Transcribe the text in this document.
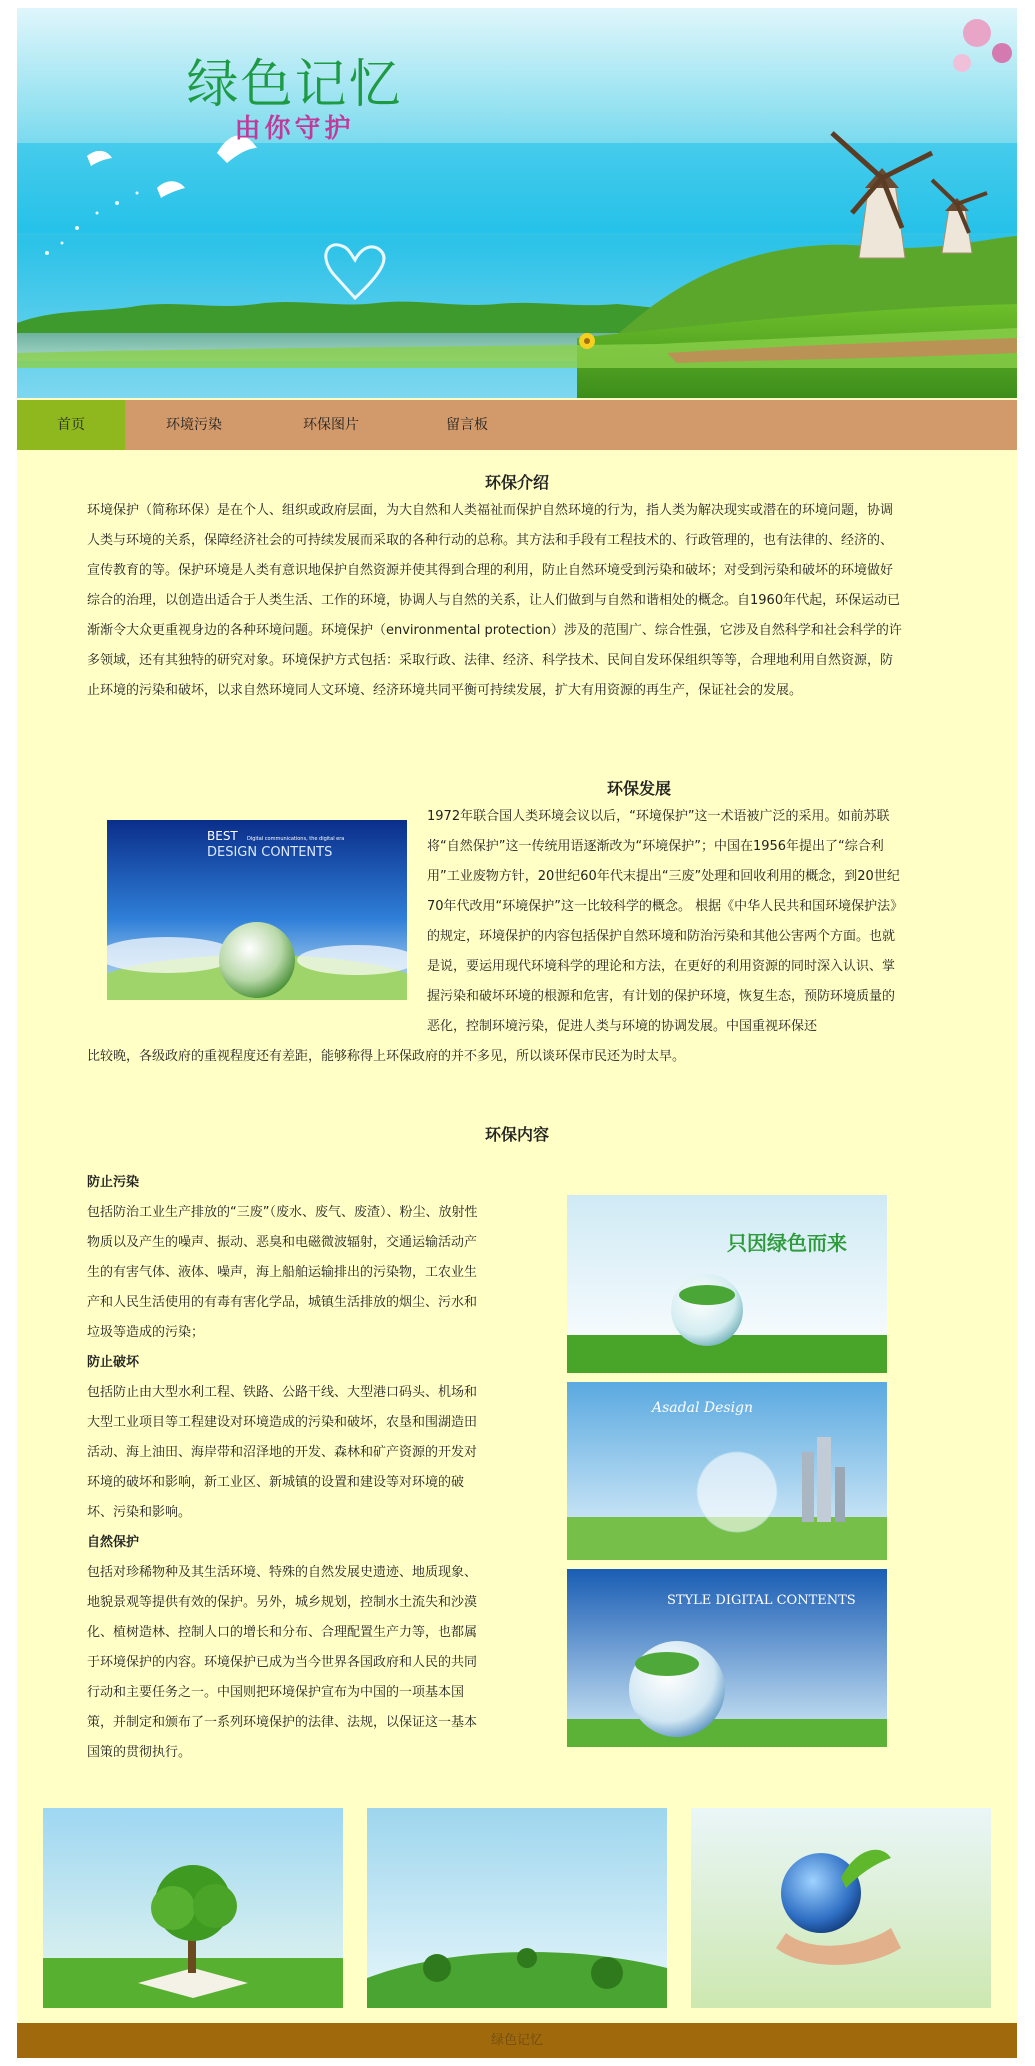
绿色记忆
由你守护
首页	环境污染	环保图片	留言板
环保介绍
环境保护（简称环保）是在个人、组织或政府层面，为大自然和人类福祉而保护自然环境的行为，指人类为解决现实或潜在的环境问题，协调人类与环境的关系，保障经济社会的可持续发展而采取的各种行动的总称。其方法和手段有工程技术的、行政管理的，也有法律的、经济的、宣传教育的等。保护环境是人类有意识地保护自然资源并使其得到合理的利用，防止自然环境受到污染和破坏；对受到污染和破坏的环境做好综合的治理，以创造出适合于人类生活、工作的环境，协调人与自然的关系，让人们做到与自然和谐相处的概念。自1960年代起，环保运动已渐渐令大众更重视身边的各种环境问题。环境保护（environmental protection）涉及的范围广、综合性强，它涉及自然科学和社会科学的许多领域，还有其独特的研究对象。环境保护方式包括：采取行政、法律、经济、科学技术、民间自发环保组织等等，合理地利用自然资源，防止环境的污染和破坏，以求自然环境同人文环境、经济环境共同平衡可持续发展，扩大有用资源的再生产，保证社会的发展。
环保发展
BEST Digital communications, the digital era
DESIGN CONTENTS
1972年联合国人类环境会议以后，“环境保护”这一术语被广泛的采用。如前苏联将“自然保护”这一传统用语逐渐改为“环境保护”；中国在1956年提出了“综合利用”工业废物方针，20世纪60年代末提出“三废”处理和回收利用的概念，到20世纪70年代改用“环境保护”这一比较科学的概念。 根据《中华人民共和国环境保护法》的规定，环境保护的内容包括保护自然环境和防治污染和其他公害两个方面。也就是说，要运用现代环境科学的理论和方法，在更好的利用资源的同时深入认识、掌握污染和破坏环境的根源和危害，有计划的保护环境，恢复生态，预防环境质量的恶化，控制环境污染，促进人类与环境的协调发展。中国重视环保还
比较晚，各级政府的重视程度还有差距，能够称得上环保政府的并不多见，所以谈环保市民还为时太早。
环保内容
防止污染
包括防治工业生产排放的“三废”（废水、废气、废渣）、粉尘、放射性物质以及产生的噪声、振动、恶臭和电磁微波辐射，交通运输活动产生的有害气体、液体、噪声，海上船舶运输排出的污染物，工农业生产和人民生活使用的有毒有害化学品，城镇生活排放的烟尘、污水和垃圾等造成的污染；
防止破坏
包括防止由大型水利工程、铁路、公路干线、大型港口码头、机场和大型工业项目等工程建设对环境造成的污染和破坏，农垦和围湖造田活动、海上油田、海岸带和沼泽地的开发、森林和矿产资源的开发对环境的破坏和影响，新工业区、新城镇的设置和建设等对环境的破坏、污染和影响。
自然保护
包括对珍稀物种及其生活环境、特殊的自然发展史遗迹、地质现象、地貌景观等提供有效的保护。另外，城乡规划，控制水土流失和沙漠化、植树造林、控制人口的增长和分布、合理配置生产力等，也都属于环境保护的内容。环境保护已成为当今世界各国政府和人民的共同行动和主要任务之一。中国则把环境保护宣布为中国的一项基本国策，并制定和颁布了一系列环境保护的法律、法规，以保证这一基本国策的贯彻执行。
只因绿色而来
Asadal Design
STYLE DIGITAL CONTENTS
绿色记忆
